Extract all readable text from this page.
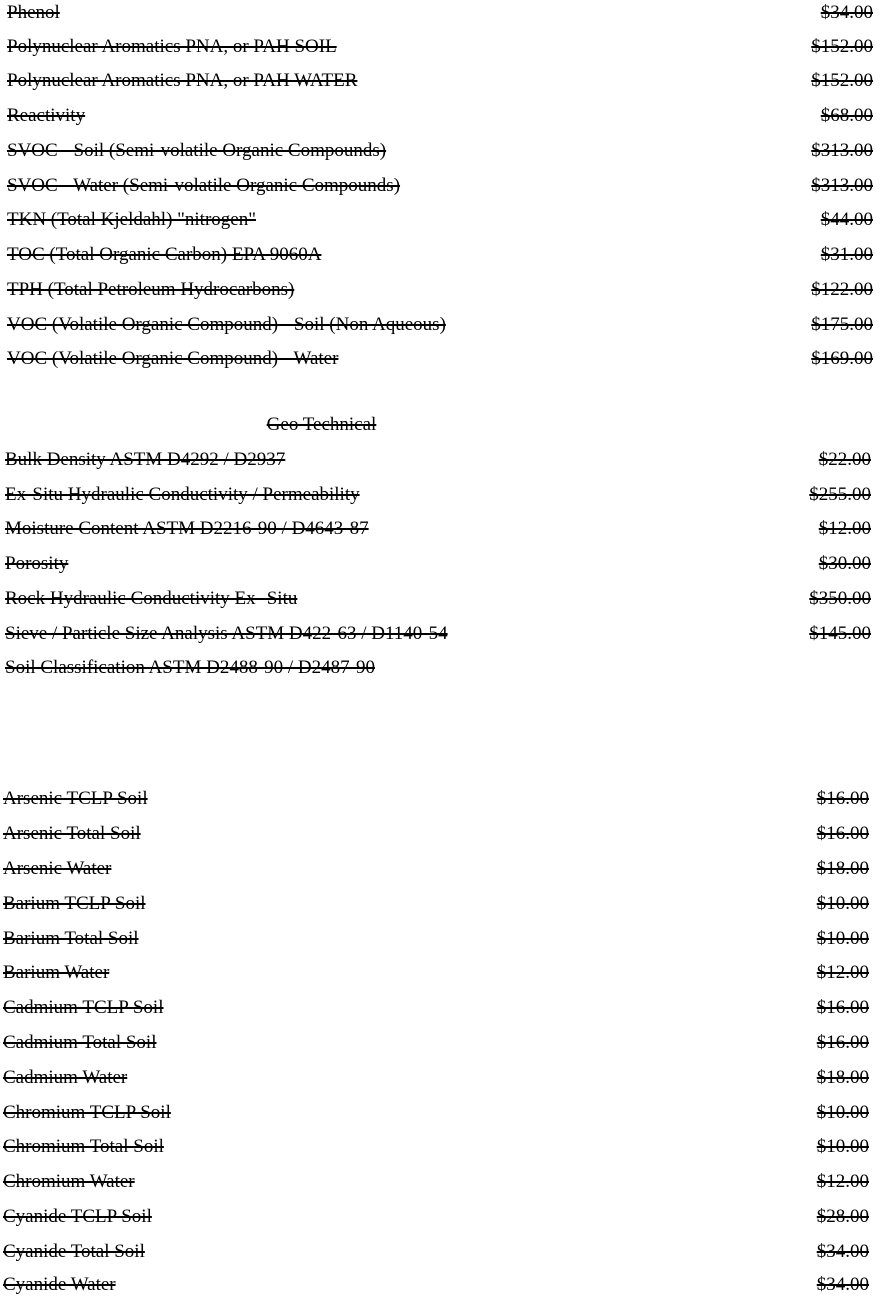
Phenol	$34.00
Polynuclear Aromatics PNA, or PAH SOIL	$152.00
Polynuclear Aromatics PNA, or PAH WATER	$152.00
Reactivity	$68.00
SVOC - Soil (Semi-volatile Organic Compounds)	$313.00
SVOC - Water (Semi-volatile Organic Compounds)	$313.00
TKN (Total Kjeldahl) "nitrogen"	$44.00
TOC (Total Organic Carbon) EPA 9060A	$31.00
TPH (Total Petroleum Hydrocarbons)	$122.00
VOC (Volatile Organic Compound) - Soil (Non Aqueous)	$175.00
VOC (Volatile Organic Compound) - Water	$169.00
Geo Technical
Bulk Density ASTM D4292 / D2937	$22.00
Ex-Situ Hydraulic Conductivity / Permeability	$255.00
Moisture Content ASTM D2216-90 / D4643-87	$12.00
Porosity	$30.00
Rock Hydraulic Conductivity Ex- Situ	$350.00
Sieve / Particle Size Analysis ASTM D422-63 / D1140-54	$145.00
Soil Classification ASTM D2488-90 / D2487-90
Arsenic TCLP Soil	$16.00
Arsenic Total Soil	$16.00
Arsenic Water	$18.00
Barium TCLP Soil	$10.00
Barium Total Soil	$10.00
Barium Water	$12.00
Cadmium TCLP Soil	$16.00
Cadmium Total Soil	$16.00
Cadmium Water	$18.00
Chromium TCLP Soil	$10.00
Chromium Total Soil	$10.00
Chromium Water	$12.00
Cyanide TCLP Soil	$28.00
Cyanide Total Soil	$34.00
Cyanide Water	$34.00
